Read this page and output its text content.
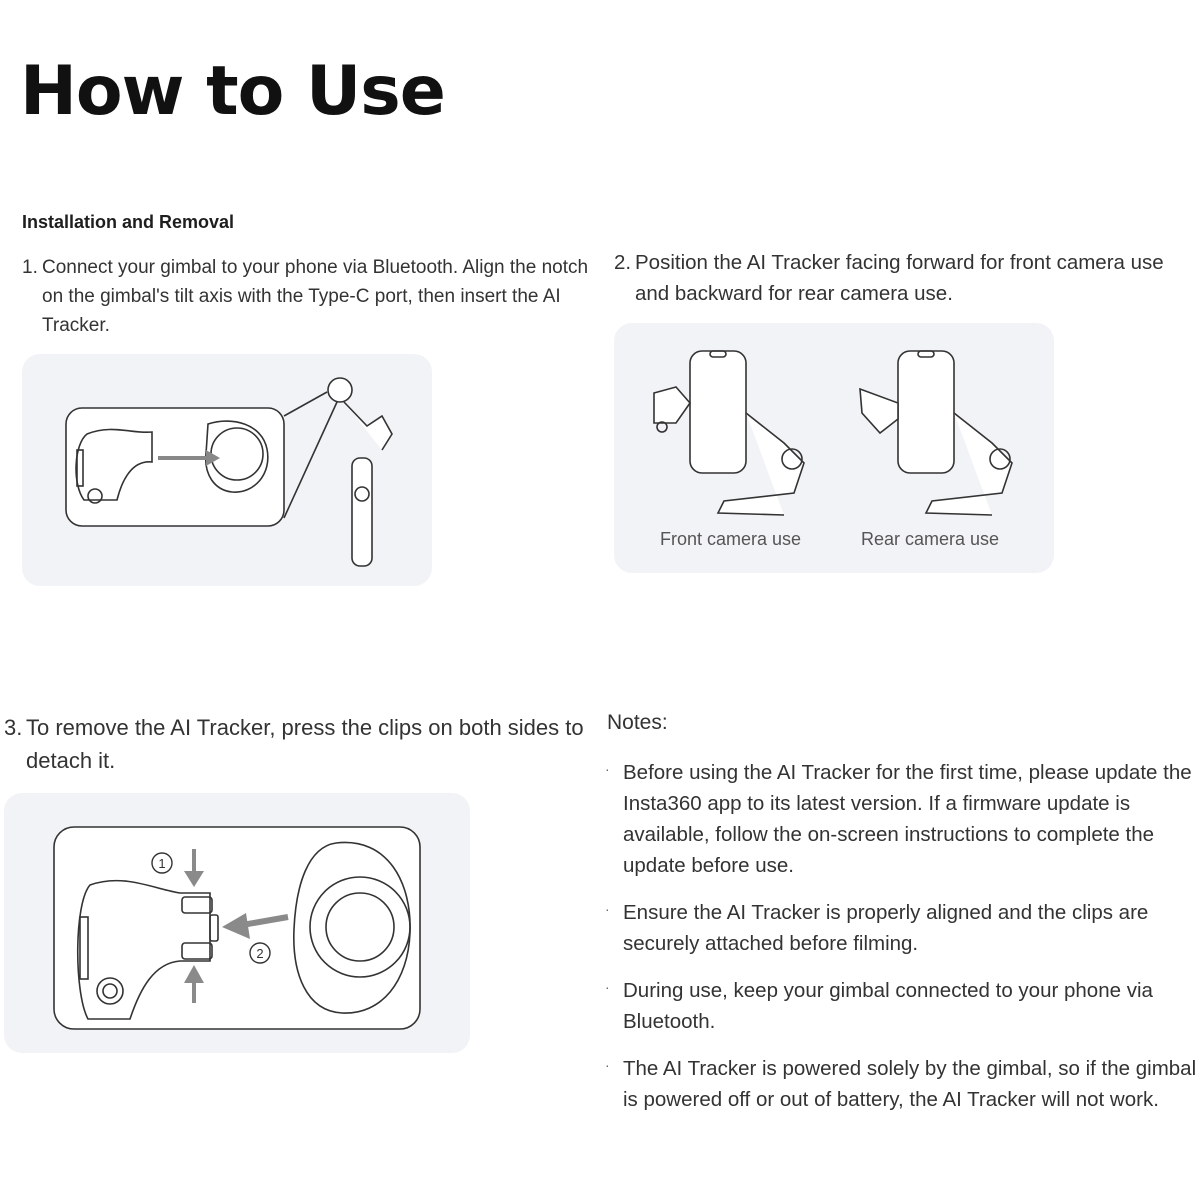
How to Use
Installation and Removal
1. Connect your gimbal to your phone via Bluetooth. Align the notch on the gimbal's tilt axis with the Type-C port, then insert the AI Tracker.
2. Position the AI Tracker facing forward for front camera use and backward for rear camera use.
Front camera use	Rear camera use
3. To remove the AI Tracker, press the clips on both sides to detach it.
1
2
Notes:
· Before using the AI Tracker for the first time, please update the Insta360 app to its latest version. If a firmware update is available, follow the on-screen instructions to complete the update before use.
· Ensure the AI Tracker is properly aligned and the clips are securely attached before filming.
· During use, keep your gimbal connected to your phone via Bluetooth.
· The AI Tracker is powered solely by the gimbal, so if the gimbal is powered off or out of battery, the AI Tracker will not work.
